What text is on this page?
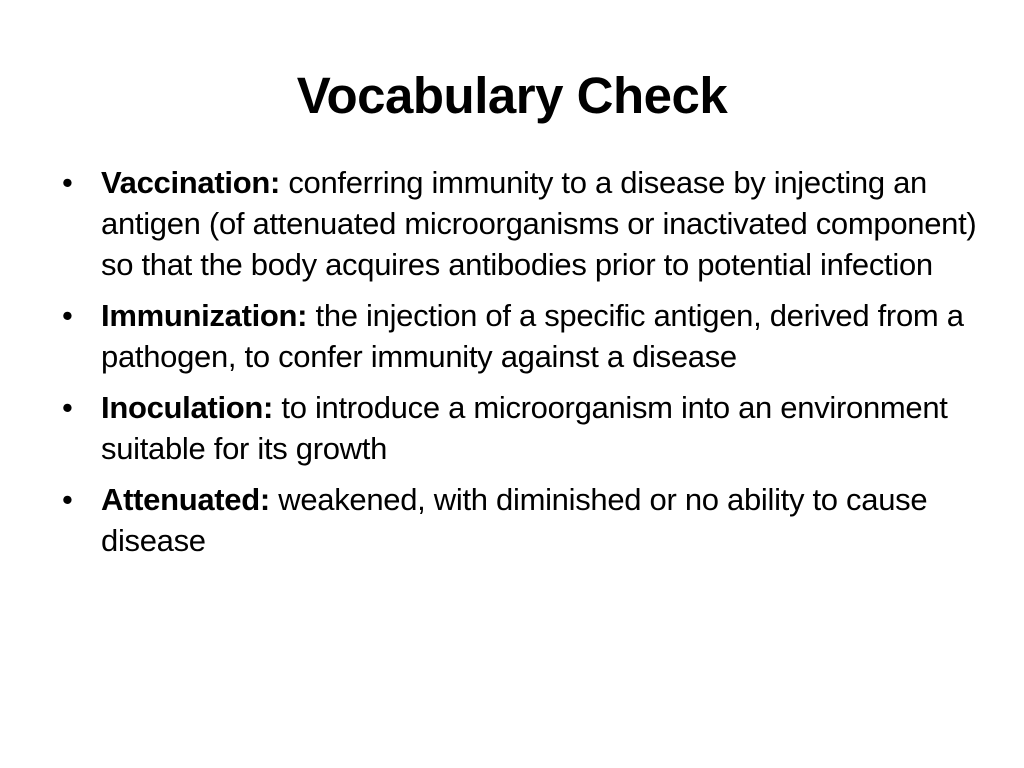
Vocabulary Check
• Vaccination: conferring immunity to a disease by injecting an antigen (of attenuated microorganisms or inactivated component) so that the body acquires antibodies prior to potential infection
• Immunization: the injection of a specific antigen, derived from a pathogen, to confer immunity against a disease
• Inoculation: to introduce a microorganism into an environment suitable for its growth
• Attenuated: weakened, with diminished or no ability to cause disease
